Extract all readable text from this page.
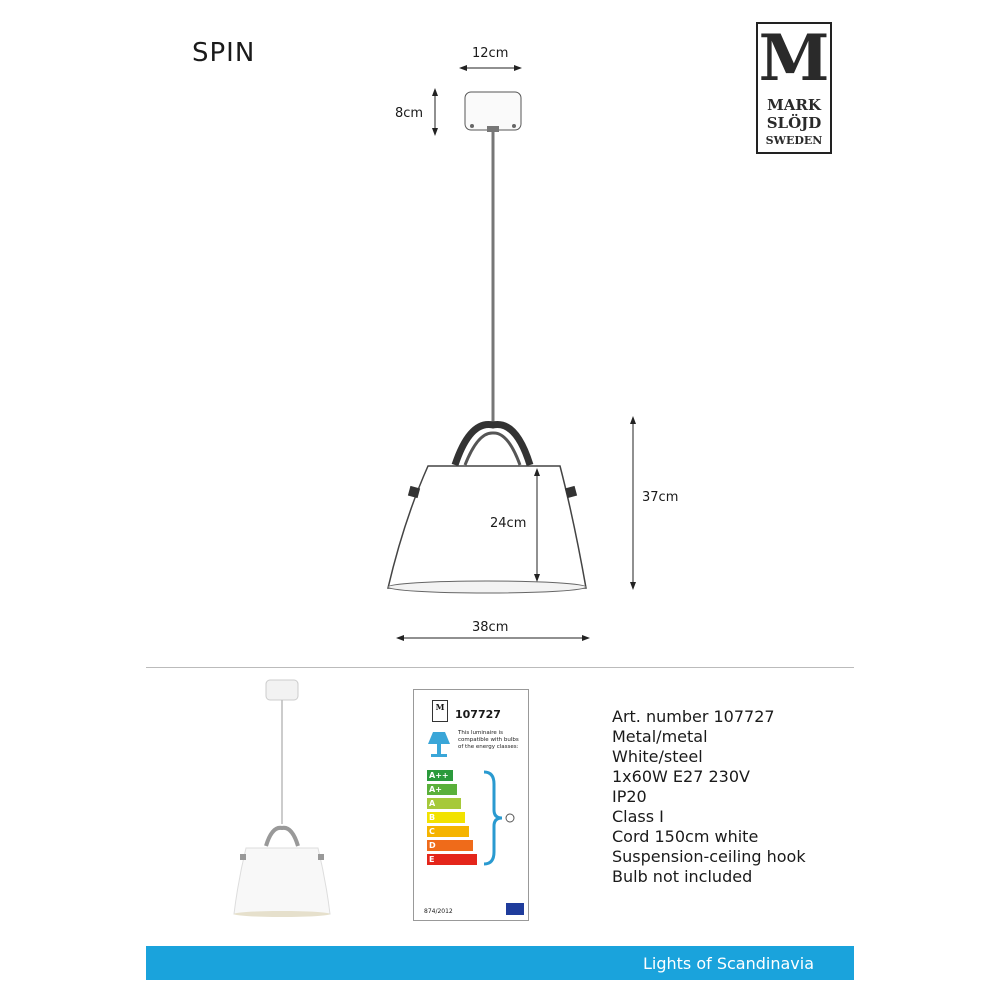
SPIN	M
MARK
SLÖJD
SWEDEN
12cm
8cm
24cm
37cm
38cm
M
107727
This luminaire is compatible with bulbs of the energy classes:
A++
A+
A
B
C
D
E
874/2012
Art. number 107727
Metal/metal
White/steel
1x60W E27 230V
IP20
Class I
Cord 150cm white
Suspension-ceiling hook
Bulb not included
Lights of Scandinavia
